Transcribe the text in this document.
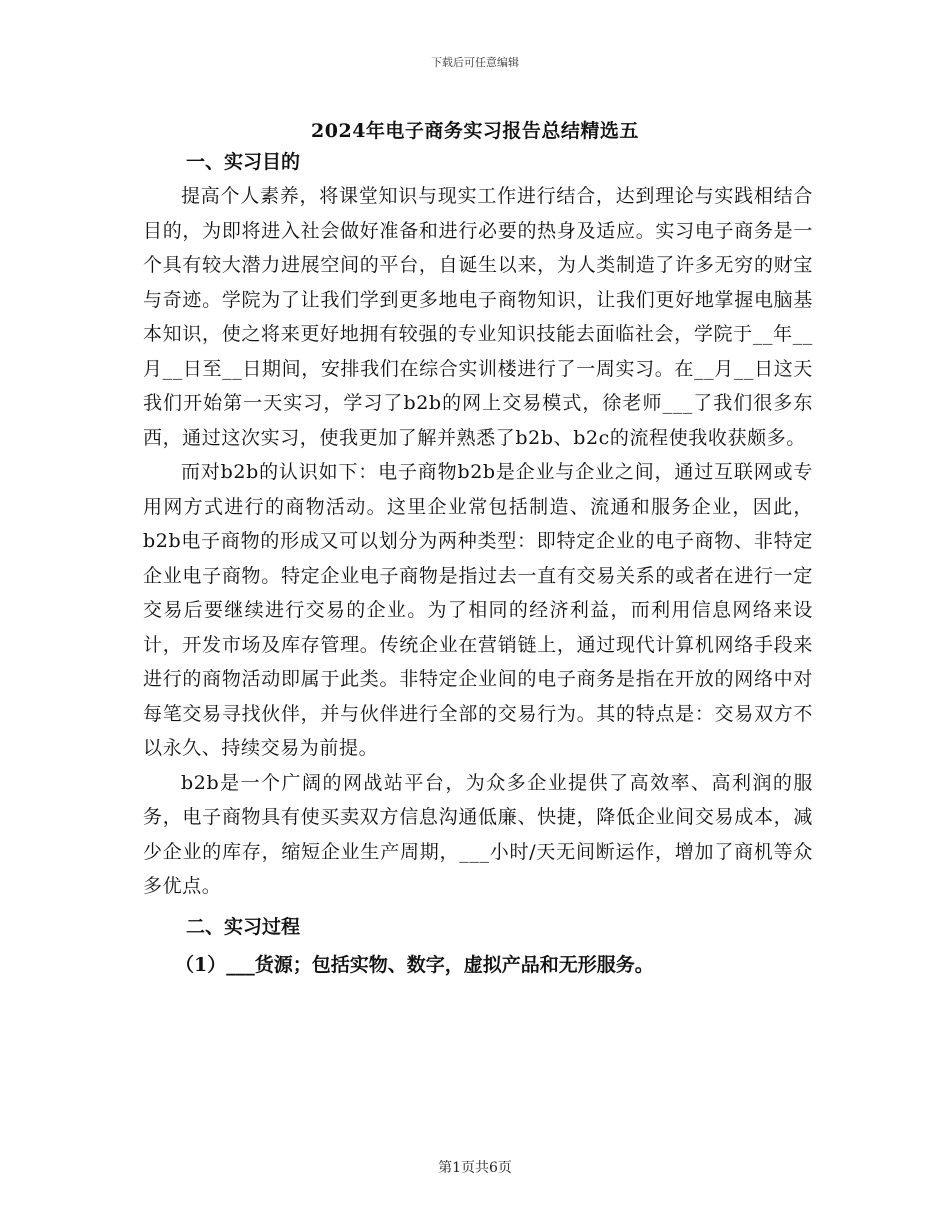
下载后可任意编辑
2024年电子商务实习报告总结精选五

一、实习目的

提高个人素养，将课堂知识与现实工作进行结合，达到理论与实践相结合目的，为即将进入社会做好准备和进行必要的热身及适应。实习电子商务是一个具有较大潜力进展空间的平台，自诞生以来，为人类制造了许多无穷的财宝与奇迹。学院为了让我们学到更多地电子商物知识，让我们更好地掌握电脑基本知识，使之将来更好地拥有较强的专业知识技能去面临社会，学院于__年__月__日至__日期间，安排我们在综合实训楼进行了一周实习。在__月__日这天我们开始第一天实习，学习了b2b的网上交易模式，徐老师___了我们很多东西，通过这次实习，使我更加了解并熟悉了b2b、b2c的流程使我收获颇多。

而对b2b的认识如下：电子商物b2b是企业与企业之间，通过互联网或专用网方式进行的商物活动。这里企业常包括制造、流通和服务企业，因此，b2b电子商物的形成又可以划分为两种类型：即特定企业的电子商物、非特定企业电子商物。特定企业电子商物是指过去一直有交易关系的或者在进行一定交易后要继续进行交易的企业。为了相同的经济利益，而利用信息网络来设计，开发市场及库存管理。传统企业在营销链上，通过现代计算机网络手段来进行的商物活动即属于此类。非特定企业间的电子商务是指在开放的网络中对每笔交易寻找伙伴，并与伙伴进行全部的交易行为。其的特点是：交易双方不以永久、持续交易为前提。

b2b是一个广阔的网战站平台，为众多企业提供了高效率、高利润的服务，电子商物具有使买卖双方信息沟通低廉、快捷，降低企业间交易成本，减少企业的库存，缩短企业生产周期，___小时/天无间断运作，增加了商机等众多优点。

二、实习过程

（1）___货源；包括实物、数字，虚拟产品和无形服务。

第1页共6页
